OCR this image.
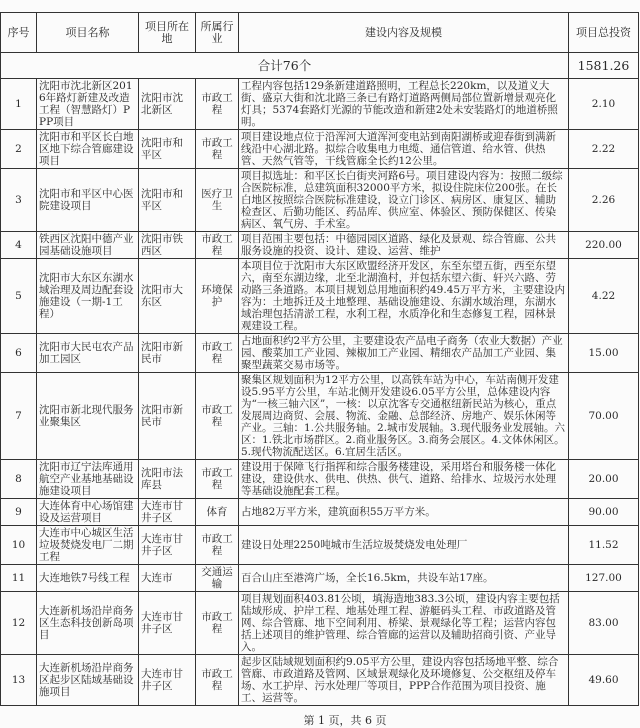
序号	项目名称	项目所在地	所属行业	建设内容及规模	项目总投资
合计76个					1581.26
1	沈阳市沈北新区2016年路灯新建及改造工程（智慧路灯）PPP项目	沈阳市沈北新区	市政工程	工程内容包括129条新建道路照明，工程总长220km，以及道义大街、盛京大街和沈北路三条已有路灯道路两侧局部位置新增景观亮化灯具；5374套路灯光源的节能改造和新建2处未安装路灯的地道桥照明。	2.10
2	沈阳市和平区长白地区地下综合管廊建设项目	沈阳市和平区	市政工程	项目建设地点位于沿浑河大道浑河变电站到南阳湖桥或迎春街到满新线沿中心湖北路。拟综合收集电力电缆、通信管道、给水管、供热管、天然气管等，干线管廊全长约12公里。	2.22
3	沈阳市和平区中心医院建设项目	沈阳市和平区	医疗卫生	项目拟选址：和平区长白街夹河路6号。项目建设内容为：按照二级综合医院标准，总建筑面积32000平方米，拟设住院床位200张。在长白地区按照综合医院标准建设，设立门诊区、病房区、康复区、辅助检查区、后勤功能区、药品库、供应室、体验区、预防保健区、传染病区、氧气房、手术室。	2.26
4	铁西区沈阳中德产业园基础设施项目	沈阳市铁西区	市政工程	项目范围主要包括：中德园园区道路、绿化及景观、综合管廊、公共服务设施的投资、设计、建设、运营、维护	220.00
5	沈阳市大东区东湖水域治理及周边配套设施建设（一期-1工程）	沈阳市大东区	环境保护	本项目位于沈阳市大东区欧盟经济开发区，东至东望五街，西至东望六，南至东湖边缘，北至北湖渔村，并包括东望六街、轩兴六路、劳动路三条道路。本项目规划总用地面积约49.45万平方米，主要建设内容为：土地拆迁及土地整理、基础设施建设、东湖水域治理，东湖水域治理包括清淤工程，水利工程，水质净化和生态修复工程，园林景观建设工程。	4.22
6	沈阳市大民屯农产品加工园区	沈阳市新民市	市政工程	占地面积约2平方公里，主要建设农产品电子商务（农业大数据）产业园、酸菜加工产业园、辣椒加工产业园、精细农产品加工产业园、集聚型蔬菜交易市场等。	15.00
7	沈阳市新北现代服务业聚集区	沈阳市新民市	市政工程	聚集区规划面积为12平方公里，以高铁车站为中心，车站南侧开发建设5.95平方公里，车站北侧开发建设6.05平方公里，总体建设内容为“一核三轴六区”，一核：以京沈客专交通枢纽新民站为核心，重点发展周边商贸、会展、物流、金融、总部经济、房地产、娱乐休闲等产业。三轴：1.公共服务轴。2.城市发展轴。3.现代服务业发展轴。六区：1.铁北市场群区。2.商业服务区。3.商务会展区。4.文体休闲区。5.现代物流配送区。6.宜居生活区。	70.00
8	沈阳市辽宁法库通用航空产业基地基础设施建设项目	沈阳市法库县	市政工程	建设用于保障飞行指挥和综合服务楼建设，采用塔台和服务楼一体化建设，建设供水、供电、供热、供气、道路、给排水、垃圾污水处理等基础设施配套工程。	20.00
9	大连体育中心场馆建设及运营项目	大连市甘井子区	体育	占地82万平方米，建筑面积55万平方米。	90.00
10	大连市中心城区生活垃圾焚烧发电厂二期工程	大连市甘井子区	市政工程	建设日处理2250吨城市生活垃圾焚烧发电处理厂	11.52
11	大连地铁7号线工程	大连市	交通运输	百合山庄至港湾广场，全长16.5km，共设车站17座。	127.00
12	大连新机场沿岸商务区生态科技创新岛项目	大连市甘井子区	市政工程	项目规划面积403.81公顷，填海造地383.3公顷，建设内容主要包括陆域形成、护岸工程、地基处理工程、游艇码头工程、市政道路及管网、综合管廊、地下空间利用、桥梁、景观绿化等工程；运营内容包括上述项目的维护管理、综合管廊的运营以及辅助招商引资、产业导入。	83.00
13	大连新机场沿岸商务区起步区陆域基础设施项目	大连市甘井子区	市政工程	起步区陆域规划面积约9.05平方公里，建设内容包括场地平整、综合管廊、市政道路及管网、区域景观绿化及环境修复、公交枢纽及停车场、水工护岸、污水处理厂等项目，PPP合作范围为项目投资、施工、运营等。	49.60
第 1 页，共 6 页
